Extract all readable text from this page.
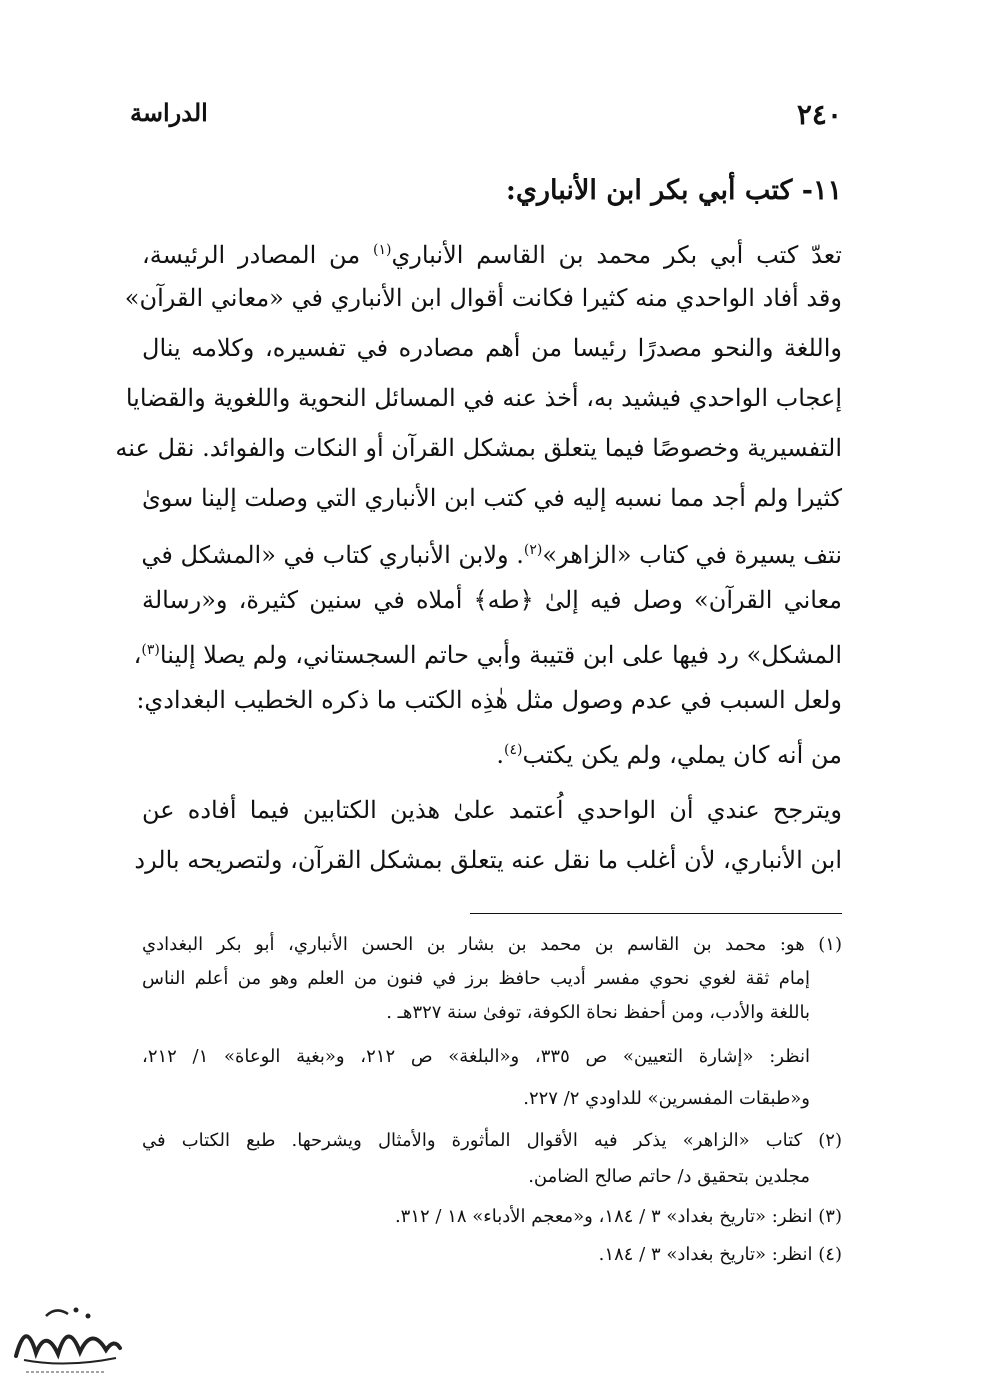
٢٤٠
الدراسة
١١- كتب أبي بكر ابن الأنباري:
تعدّ كتب أبي بكر محمد بن القاسم الأنباري$^{(١)}$ من المصادر الرئيسة،
وقد أفاد الواحدي منه كثيرا فكانت أقوال ابن الأنباري في «معاني القرآن»
واللغة والنحو مصدرًا رئيسا من أهم مصادره في تفسيره، وكلامه ينال
إعجاب الواحدي فيشيد به، أخذ عنه في المسائل النحوية واللغوية والقضايا
التفسيرية وخصوصًا فيما يتعلق بمشكل القرآن أو النكات والفوائد. نقل عنه
كثيرا ولم أجد مما نسبه إليه في كتب ابن الأنباري التي وصلت إلينا سوىٰ
نتف يسيرة في كتاب «الزاهر»$^{(٢)}$. ولابن الأنباري كتاب في «المشكل في
معاني القرآن» وصل فيه إلىٰ ﴿طه﴾ أملاه في سنين كثيرة، و«رسالة
المشكل» رد فيها على ابن قتيبة وأبي حاتم السجستاني، ولم يصلا إلينا$^{(٣)}$،
ولعل السبب في عدم وصول مثل هٰذِه الكتب ما ذكره الخطيب البغدادي:
من أنه كان يملي، ولم يكن يكتب$^{(٤)}$.
ويترجح عندي أن الواحدي اُعتمد علىٰ هذين الكتابين فيما أفاده عن
ابن الأنباري، لأن أغلب ما نقل عنه يتعلق بمشكل القرآن، ولتصريحه بالرد
(١) هو: محمد بن القاسم بن محمد بن بشار بن الحسن الأنباري، أبو بكر البغدادي
إمام ثقة لغوي نحوي مفسر أديب حافظ برز في فنون من العلم وهو من أعلم الناس
باللغة والأدب، ومن أحفظ نحاة الكوفة، توفىٰ سنة ٣٢٧هـ .
انظر: «إشارة التعيين» ص ٣٣٥، و«البلغة» ص ٢١٢، و«بغية الوعاة» ١/ ٢١٢،
و«طبقات المفسرين» للداودي ٢/ ٢٢٧.
(٢) كتاب «الزاهر» يذكر فيه الأقوال المأثورة والأمثال ويشرحها. طبع الكتاب في
مجلدين بتحقيق د/ حاتم صالح الضامن.
(٣) انظر: «تاريخ بغداد» ٣ / ١٨٤، و«معجم الأدباء» ١٨ / ٣١٢.
(٤) انظر: «تاريخ بغداد» ٣ / ١٨٤.
